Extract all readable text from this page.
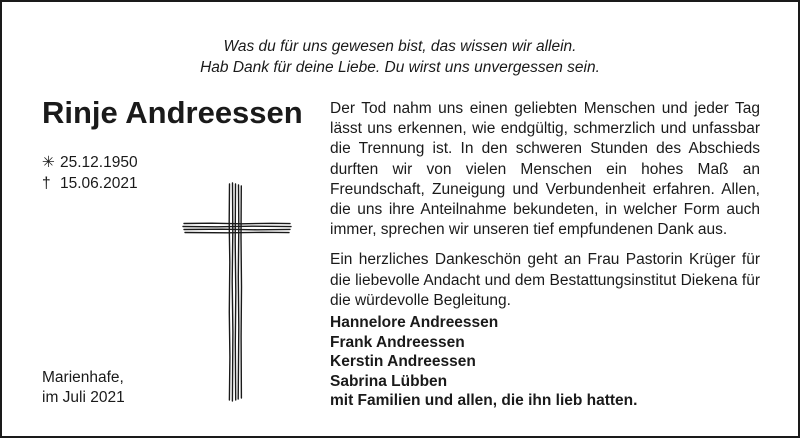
Was du für uns gewesen bist, das wissen wir allein.
Hab Dank für deine Liebe. Du wirst uns unvergessen sein.
Rinje Andreessen
✳ 25.12.1950
† 15.06.2021
Marienhafe,
im Juli 2021

Der Tod nahm uns einen geliebten Menschen und jeder Tag lässt uns erkennen, wie endgültig, schmerzlich und unfassbar die Trennung ist. In den schweren Stunden des Abschieds durften wir von vielen Menschen ein hohes Maß an Freundschaft, Zuneigung und Verbundenheit erfahren. Allen, die uns ihre Anteilnahme bekundeten, in welcher Form auch immer, sprechen wir unseren tief empfundenen Dank aus.

Ein herzliches Dankeschön geht an Frau Pastorin Krüger für die liebevolle Andacht und dem Bestattungsinstitut Diekena für die würdevolle Begleitung.

Hannelore Andreessen
Frank Andreessen
Kerstin Andreessen
Sabrina Lübben
mit Familien und allen, die ihn lieb hatten.
